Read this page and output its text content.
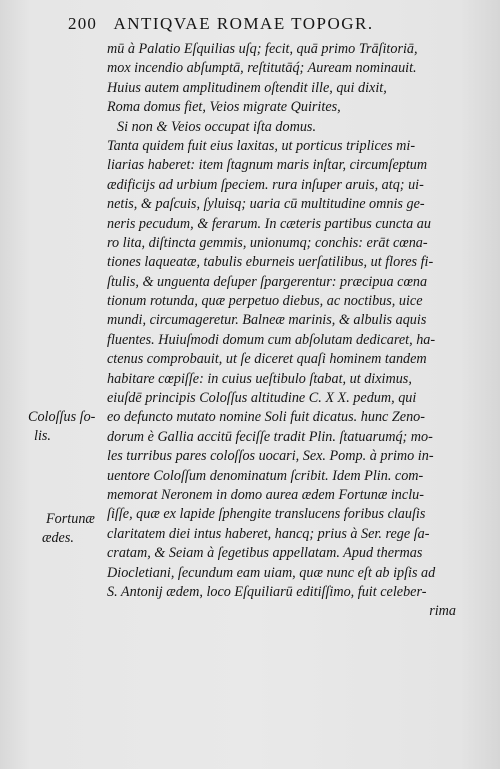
200 ANTIQVAE ROMAE TOPOGR.
mū à Palatio Eſquilias uſq; fecit, quā primo Trāſitoriā,
mox incendio abſumptā, reſtitutāq́; Auream nominauit.
Huius autem amplitudinem oſtendit ille, qui dixit,
Roma domus fiet, Veios migrate Quirites,
Si non & Veios occupat iſta domus.
Tanta quidem fuit eius laxitas, ut porticus triplices mi-
liarias haberet: item ſtagnum maris inſtar, circumſeptum
ædificijs ad urbium ſpeciem. rura inſuper aruis, atq; ui-
netis, & paſcuis, ſyluisq; uaria cū multitudine omnis ge-
neris pecudum, & ferarum. In cæteris partibus cuncta au
ro lita, diſtincta gemmis, unionumq; conchis: erāt cœna-
tiones laqueatæ, tabulis eburneis uerſatilibus, ut flores fi-
ſtulis, & unguenta deſuper ſpargerentur: præcipua cœna
tionum rotunda, quæ perpetuo diebus, ac noctibus, uice
mundi, circumageretur. Balneæ marinis, & albulis aquis
fluentes. Huiuſmodi domum cum abſolutam dedicaret, ha-
ctenus comprobauit, ut ſe diceret quaſi hominem tandem
habitare cœpiſſe: in cuius ueſtibulo ſtabat, ut diximus,
eiuſdē principis Coloſſus altitudine C. X X. pedum, qui
eo defuncto mutato nomine Soli fuit dicatus. hunc Zeno-
dorum è Gallia accitū feciſſe tradit Plin. ſtatuarumq́; mo-
les turribus pares coloſſos uocari, Sex. Pomp. à primo in-
uentore Coloſſum denominatum ſcribit. Idem Plin. com-
memorat Neronem in domo aurea ædem Fortunæ inclu-
ſiſſe, quæ ex lapide ſphengite translucens foribus clauſis
claritatem diei intus haberet, hancq; prius à Ser. rege ſa-
cratam, & Seiam à ſegetibus appellatam. Apud thermas
Diocletiani, ſecundum eam uiam, quæ nunc eſt ab ipſis ad
S. Antonij ædem, loco Eſquiliarū editiſſimo, fuit celeber-
rima
Coloſſus ſo-
lis.
Fortunæ
ædes.
